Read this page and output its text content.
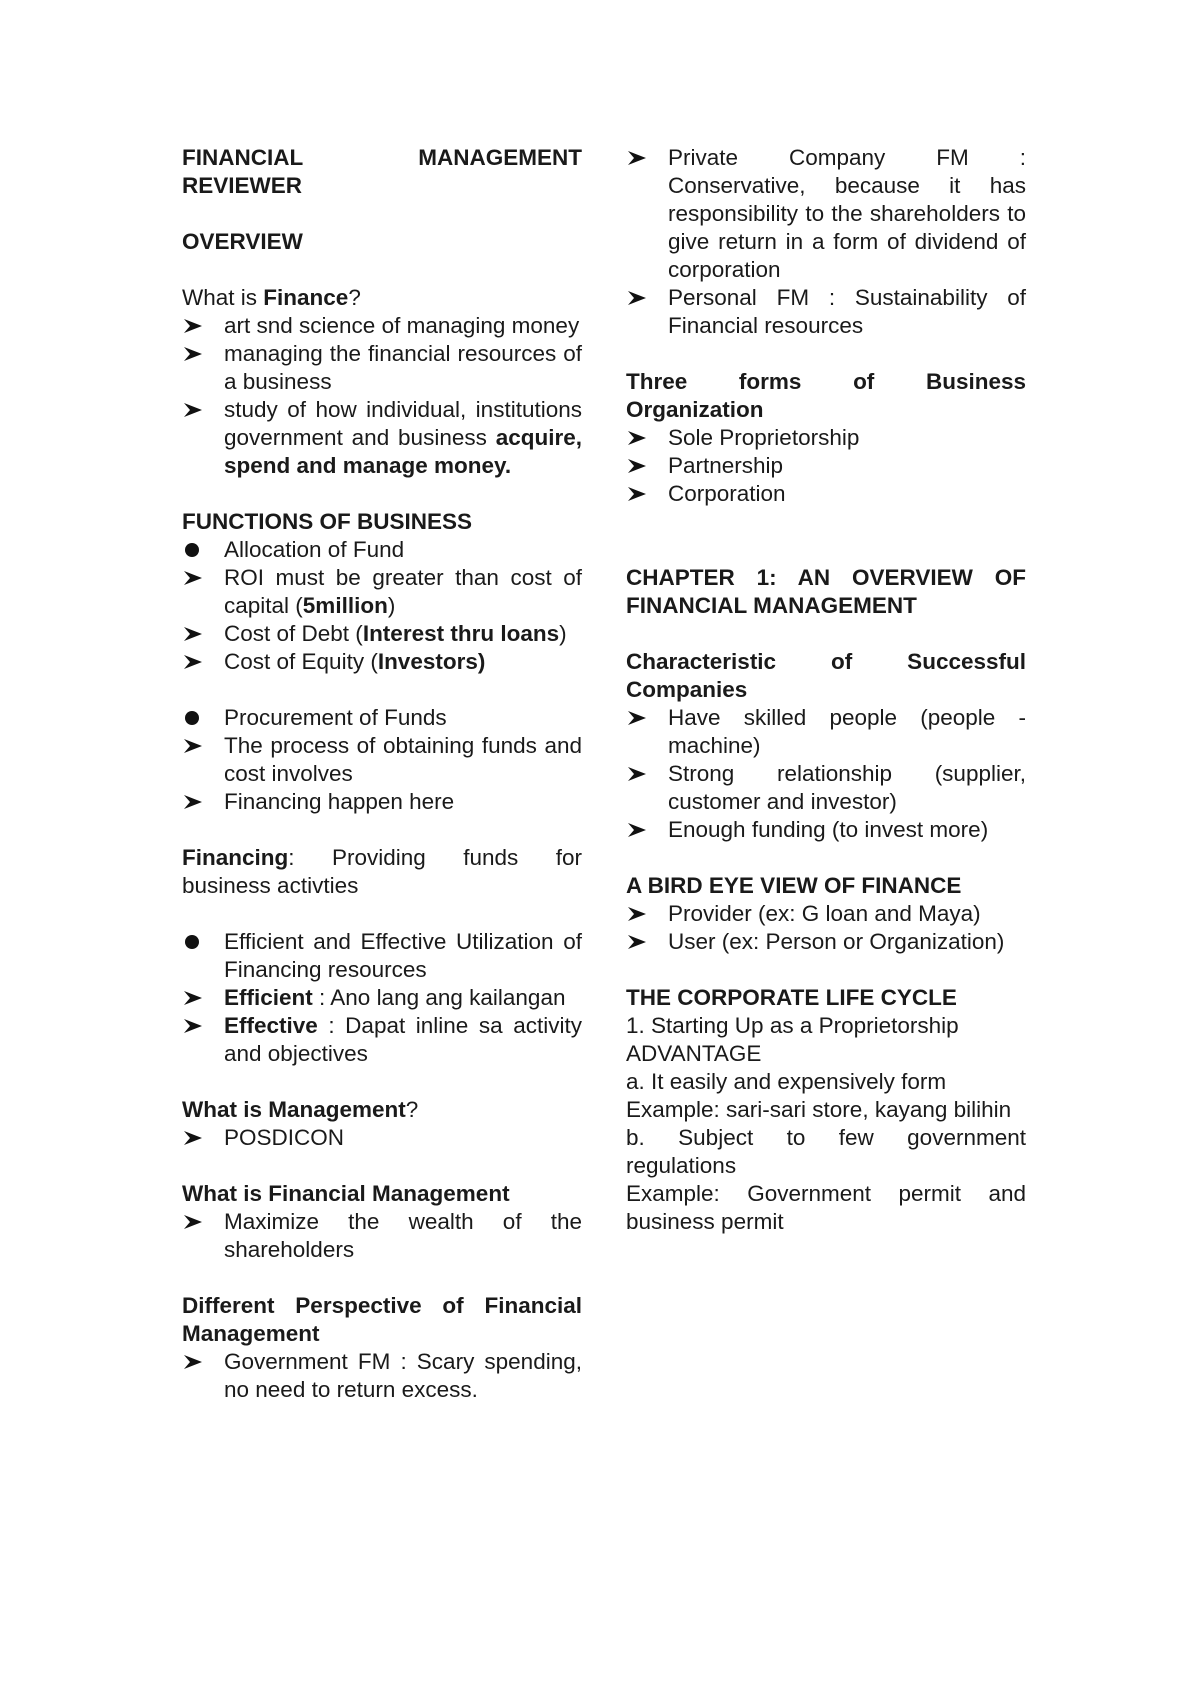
FINANCIAL MANAGEMENT
REVIEWER
OVERVIEW
What is Finance?
art snd science of managing money
managing the financial resources of a business
study of how individual, institutions government and business acquire, spend and manage money.
FUNCTIONS OF BUSINESS
Allocation of Fund
ROI must be greater than cost of capital (5million)
Cost of Debt (Interest thru loans)
Cost of Equity (Investors)
Procurement of Funds
The process of obtaining funds and cost involves
Financing happen here
Financing: Providing funds for business activties
Efficient and Effective Utilization of Financing resources
Efficient : Ano lang ang kailangan
Effective : Dapat inline sa activity and objectives
What is Management?
POSDICON
What is Financial Management
Maximize the wealth of the shareholders
Different Perspective of Financial Management
Government FM : Scary spending, no need to return excess.
Private Company FM : Conservative, because it has responsibility to the shareholders to give return in a form of dividend of corporation
Personal FM : Sustainability of Financial resources
Three forms of Business Organization
Sole Proprietorship
Partnership
Corporation
CHAPTER 1: AN OVERVIEW OF FINANCIAL MANAGEMENT
Characteristic of Successful Companies
Have skilled people (people - machine)
Strong relationship (supplier, customer and investor)
Enough funding (to invest more)
A BIRD EYE VIEW OF FINANCE
Provider (ex: G loan and Maya)
User (ex: Person or Organization)
THE CORPORATE LIFE CYCLE
1. Starting Up as a Proprietorship
ADVANTAGE
a. It easily and expensively form
Example: sari-sari store, kayang bilihin
b. Subject to few government regulations
Example: Government permit and business permit
